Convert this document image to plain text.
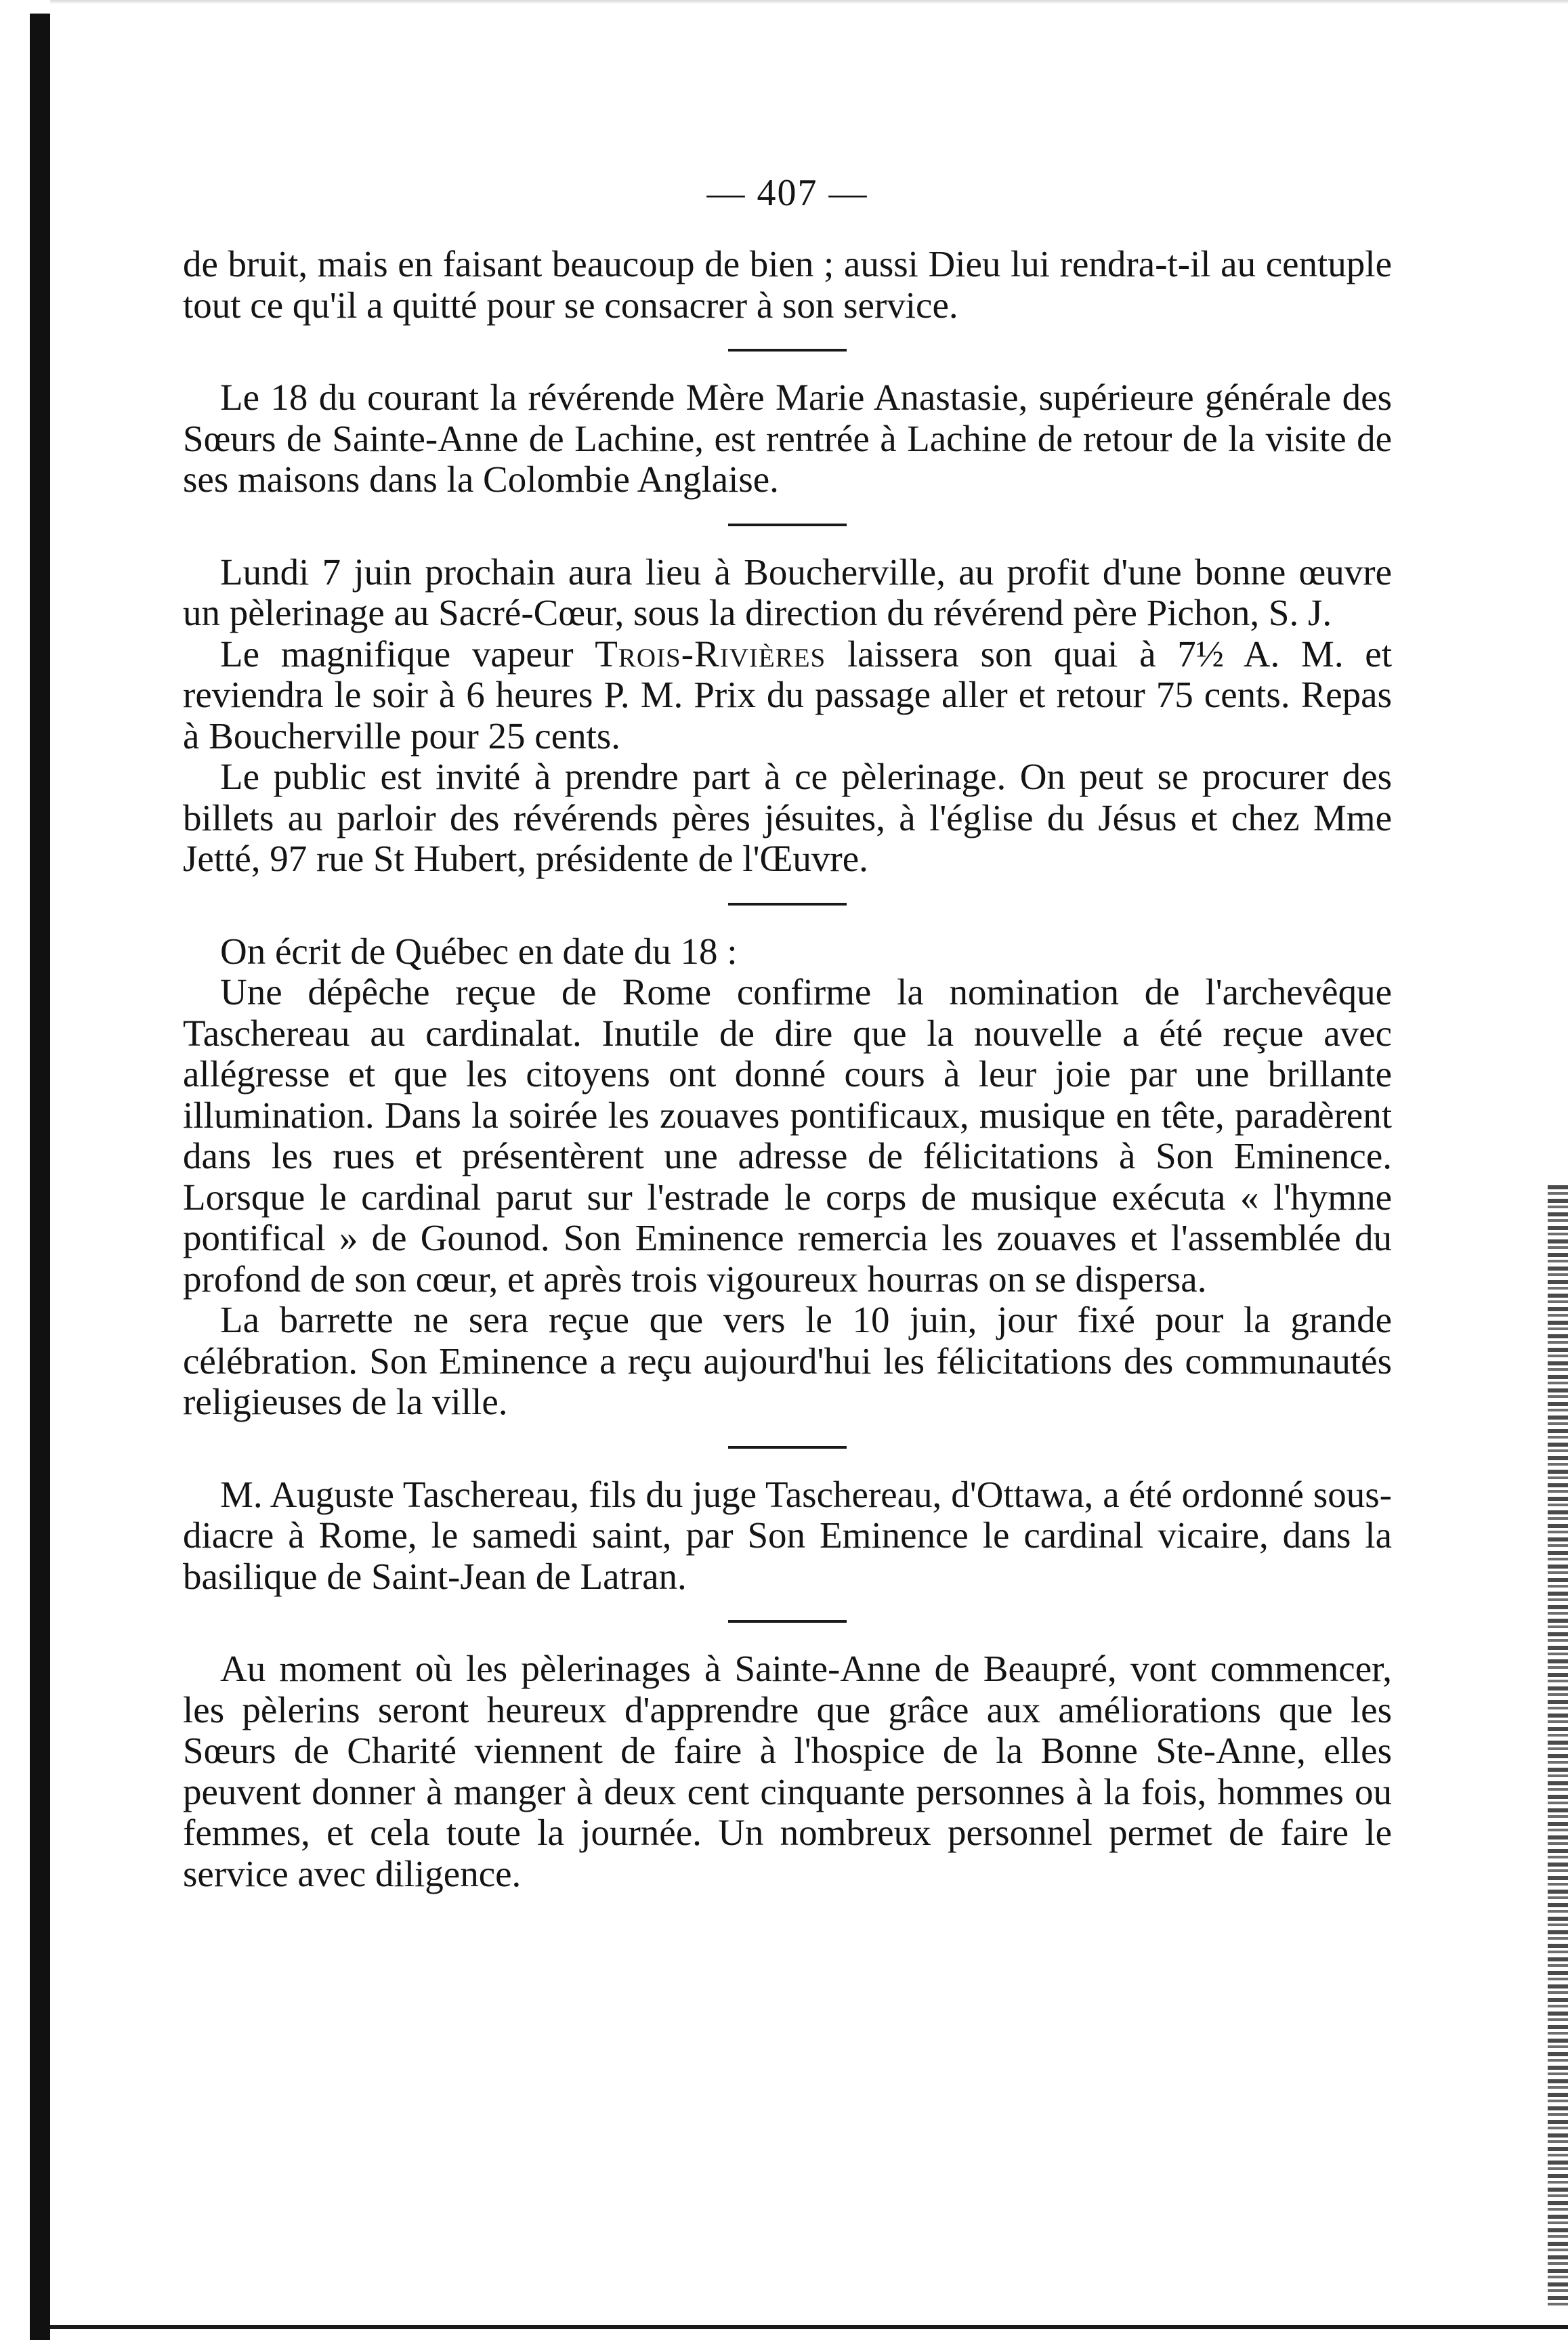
— 407 —

de bruit, mais en faisant beaucoup de bien ; aussi Dieu lui rendra-t-il au centuple tout ce qu'il a quitté pour se consacrer à son service.

Le 18 du courant la révérende Mère Marie Anastasie, supérieure générale des Sœurs de Sainte-Anne de Lachine, est rentrée à Lachine de retour de la visite de ses maisons dans la Colombie Anglaise.

Lundi 7 juin prochain aura lieu à Boucherville, au profit d'une bonne œuvre un pèlerinage au Sacré-Cœur, sous la direction du révérend père Pichon, S. J.

Le magnifique vapeur Trois-Rivières laissera son quai à 7½ A. M. et reviendra le soir à 6 heures P. M. Prix du passage aller et retour 75 cents. Repas à Boucherville pour 25 cents.

Le public est invité à prendre part à ce pèlerinage. On peut se procurer des billets au parloir des révérends pères jésuites, à l'église du Jésus et chez Mme Jetté, 97 rue St Hubert, présidente de l'Œuvre.

On écrit de Québec en date du 18 :

Une dépêche reçue de Rome confirme la nomination de l'archevêque Taschereau au cardinalat. Inutile de dire que la nouvelle a été reçue avec allégresse et que les citoyens ont donné cours à leur joie par une brillante illumination. Dans la soirée les zouaves pontificaux, musique en tête, paradèrent dans les rues et présentèrent une adresse de félicitations à Son Eminence. Lorsque le cardinal parut sur l'estrade le corps de musique exécuta « l'hymne pontifical » de Gounod. Son Eminence remercia les zouaves et l'assemblée du profond de son cœur, et après trois vigoureux hourras on se dispersa.

La barrette ne sera reçue que vers le 10 juin, jour fixé pour la grande célébration. Son Eminence a reçu aujourd'hui les félicitations des communautés religieuses de la ville.

M. Auguste Taschereau, fils du juge Taschereau, d'Ottawa, a été ordonné sous-diacre à Rome, le samedi saint, par Son Eminence le cardinal vicaire, dans la basilique de Saint-Jean de Latran.

Au moment où les pèlerinages à Sainte-Anne de Beaupré, vont commencer, les pèlerins seront heureux d'apprendre que grâce aux améliorations que les Sœurs de Charité viennent de faire à l'hospice de la Bonne Ste-Anne, elles peuvent donner à manger à deux cent cinquante personnes à la fois, hommes ou femmes, et cela toute la journée. Un nombreux personnel permet de faire le service avec diligence.
